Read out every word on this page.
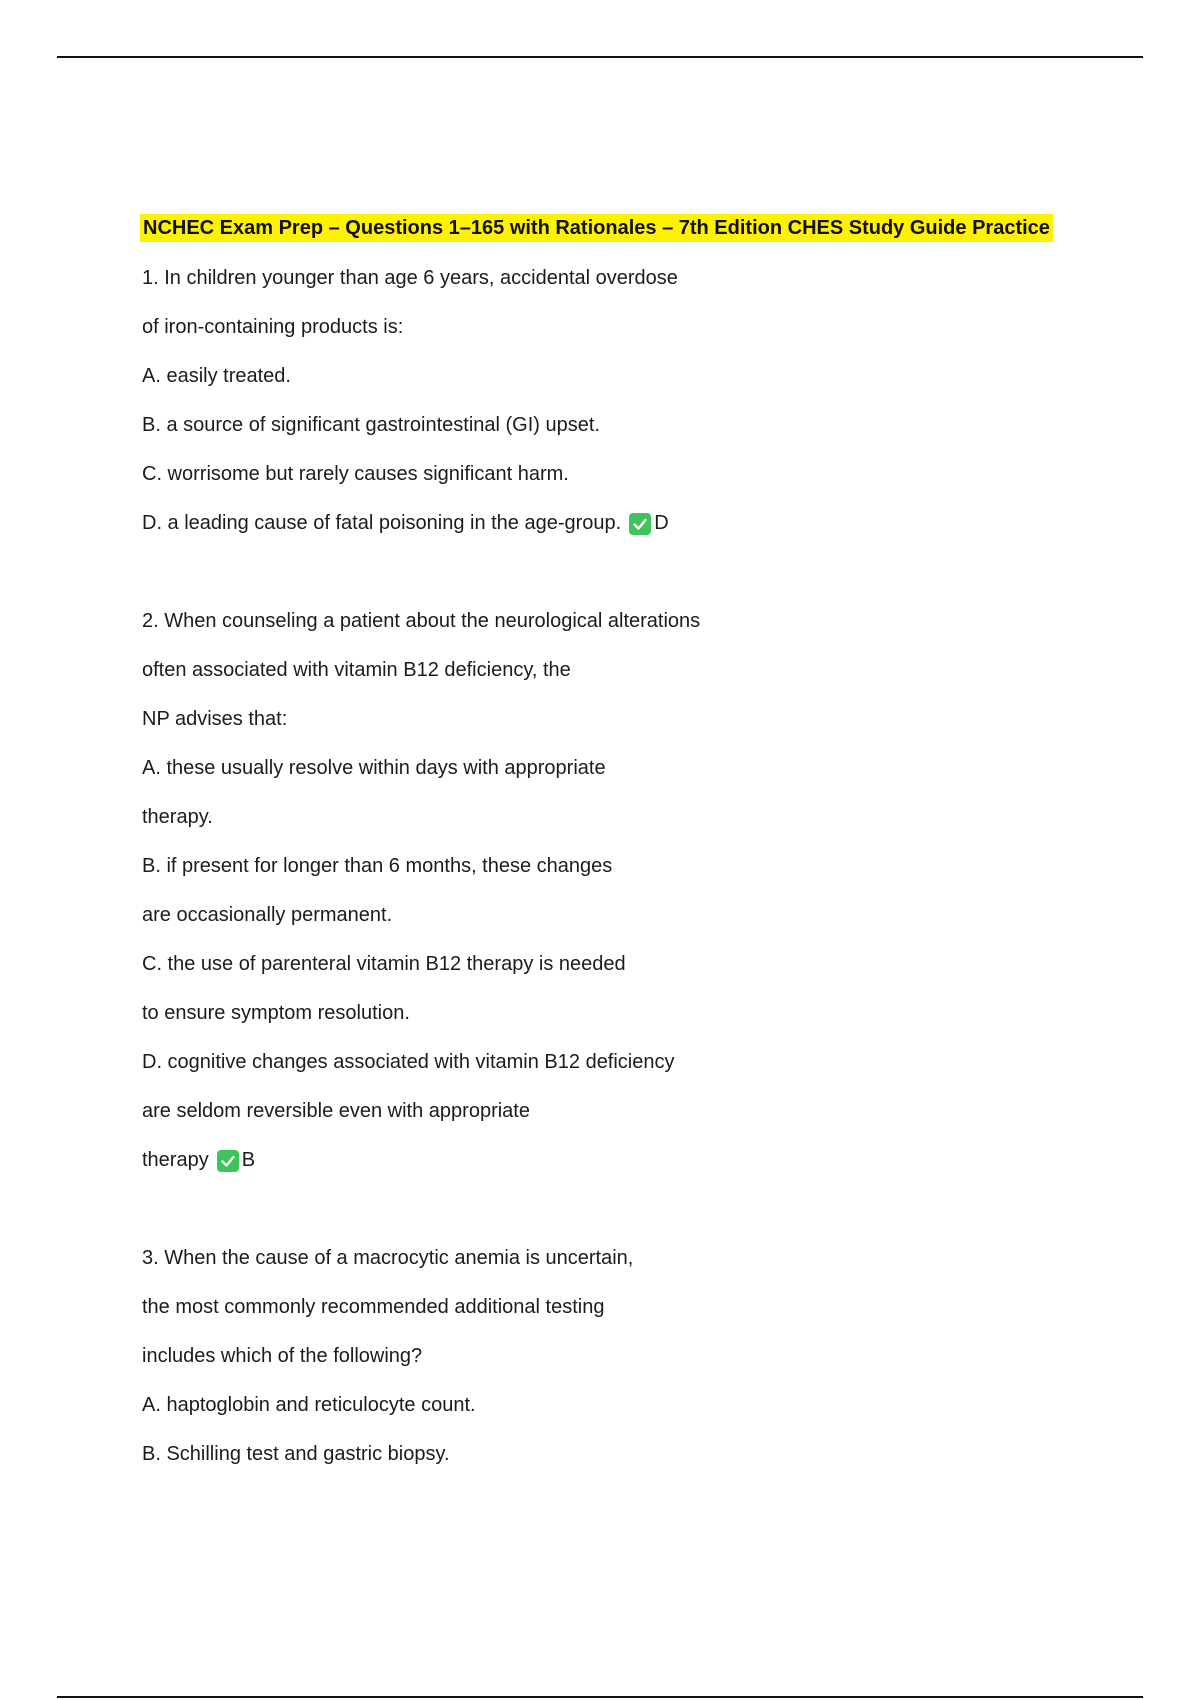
NCHEC Exam Prep – Questions 1–165 with Rationales – 7th Edition CHES Study Guide Practice
1. In children younger than age 6 years, accidental overdose
of iron-containing products is:
A. easily treated.
B. a source of significant gastrointestinal (GI) upset.
C. worrisome but rarely causes significant harm.
D. a leading cause of fatal poisoning in the age-group. D
2. When counseling a patient about the neurological alterations
often associated with vitamin B12 deficiency, the
NP advises that:
A. these usually resolve within days with appropriate
therapy.
B. if present for longer than 6 months, these changes
are occasionally permanent.
C. the use of parenteral vitamin B12 therapy is needed
to ensure symptom resolution.
D. cognitive changes associated with vitamin B12 deficiency
are seldom reversible even with appropriate
therapy B
3. When the cause of a macrocytic anemia is uncertain,
the most commonly recommended additional testing
includes which of the following?
A. haptoglobin and reticulocyte count.
B. Schilling test and gastric biopsy.
